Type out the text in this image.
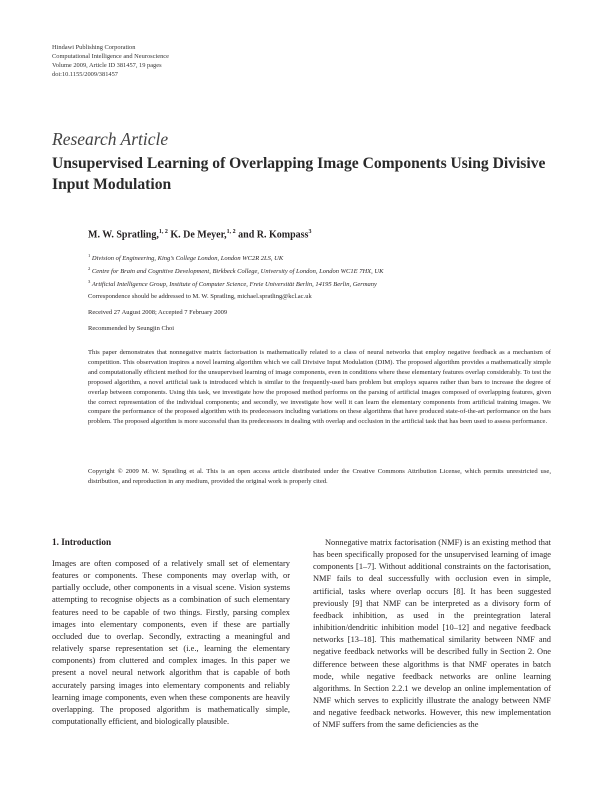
Hindawi Publishing Corporation
Computational Intelligence and Neuroscience
Volume 2009, Article ID 381457, 19 pages
doi:10.1155/2009/381457
Research Article
Unsupervised Learning of Overlapping Image Components Using Divisive Input Modulation
M. W. Spratling,$^{1, 2}$ K. De Meyer,$^{1, 2}$ and R. Kompass$^3$
$^1$ Division of Engineering, King’s College London, London WC2R 2LS, UK
$^2$ Centre for Brain and Cognitive Development, Birkbeck College, University of London, London WC1E 7HX, UK
$^3$ Artificial Intelligence Group, Institute of Computer Science, Freie Universität Berlin, 14195 Berlin, Germany
Correspondence should be addressed to M. W. Spratling, michael.spratling@kcl.ac.uk
Received 27 August 2008; Accepted 7 February 2009
Recommended by Seungjin Choi
This paper demonstrates that nonnegative matrix factorisation is mathematically related to a class of neural networks that employ negative feedback as a mechanism of competition. This observation inspires a novel learning algorithm which we call Divisive Input Modulation (DIM). The proposed algorithm provides a mathematically simple and computationally efficient method for the unsupervised learning of image components, even in conditions where these elementary features overlap considerably. To test the proposed algorithm, a novel artificial task is introduced which is similar to the frequently-used bars problem but employs squares rather than bars to increase the degree of overlap between components. Using this task, we investigate how the proposed method performs on the parsing of artificial images composed of overlapping features, given the correct representation of the individual components; and secondly, we investigate how well it can learn the elementary components from artificial training images. We compare the performance of the proposed algorithm with its predecessors including variations on these algorithms that have produced state-of-the-art performance on the bars problem. The proposed algorithm is more successful than its predecessors in dealing with overlap and occlusion in the artificial task that has been used to assess performance.
Copyright © 2009 M. W. Spratling et al. This is an open access article distributed under the Creative Commons Attribution License, which permits unrestricted use, distribution, and reproduction in any medium, provided the original work is properly cited.
1. Introduction
Images are often composed of a relatively small set of elementary features or components. These components may overlap with, or partially occlude, other components in a visual scene. Vision systems attempting to recognise objects as a combination of such elementary features need to be capable of two things. Firstly, parsing complex images into elementary components, even if these are partially occluded due to overlap. Secondly, extracting a meaningful and relatively sparse representation set (i.e., learning the elementary components) from cluttered and complex images. In this paper we present a novel neural network algorithm that is capable of both accurately parsing images into elementary components and reliably learning image components, even when these components are heavily overlapping. The proposed algorithm is mathematically simple, computationally efficient, and biologically plausible.
Nonnegative matrix factorisation (NMF) is an existing method that has been specifically proposed for the unsupervised learning of image components [1–7]. Without additional constraints on the factorisation, NMF fails to deal successfully with occlusion even in simple, artificial, tasks where overlap occurs [8]. It has been suggested previously [9] that NMF can be interpreted as a divisory form of feedback inhibition, as used in the preintegration lateral inhibition/dendritic inhibition model [10–12] and negative feedback networks [13–18]. This mathematical similarity between NMF and negative feedback networks will be described fully in Section 2. One difference between these algorithms is that NMF operates in batch mode, while negative feedback networks are online learning algorithms. In Section 2.2.1 we develop an online implementation of NMF which serves to explicitly illustrate the analogy between NMF and negative feedback networks. However, this new implementation of NMF suffers from the same deficiencies as the
